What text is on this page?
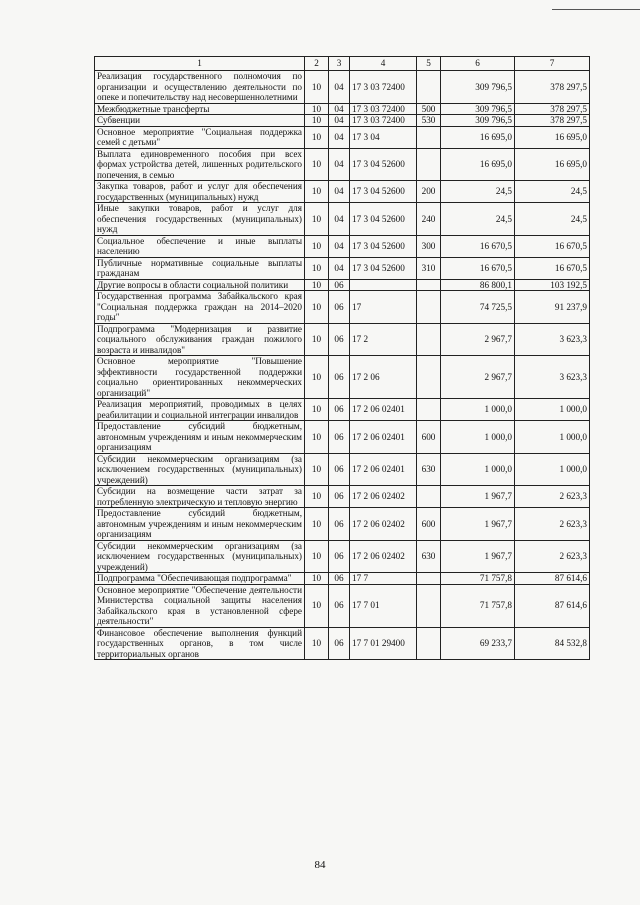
1	2	3	4	5	6	7
Реализация государственного полномочия по организации и осуществлению деятельности по опеке и попечительству над несовершеннолетними	10	04	17 3 03 72400		309 796,5	378 297,5
Межбюджетные трансферты	10	04	17 3 03 72400	500	309 796,5	378 297,5
Субвенции	10	04	17 3 03 72400	530	309 796,5	378 297,5
Основное мероприятие "Социальная поддержка семей с детьми"	10	04	17 3 04		16 695,0	16 695,0
Выплата единовременного пособия при всех формах устройства детей, лишенных родительского попечения, в семью	10	04	17 3 04 52600		16 695,0	16 695,0
Закупка товаров, работ и услуг для обеспечения государственных (муниципальных) нужд	10	04	17 3 04 52600	200	24,5	24,5
Иные закупки товаров, работ и услуг для обеспечения государственных (муниципальных) нужд	10	04	17 3 04 52600	240	24,5	24,5
Социальное обеспечение и иные выплаты населению	10	04	17 3 04 52600	300	16 670,5	16 670,5
Публичные нормативные социальные выплаты гражданам	10	04	17 3 04 52600	310	16 670,5	16 670,5
Другие вопросы в области социальной политики	10	06			86 800,1	103 192,5
Государственная программа Забайкальского края "Социальная поддержка граждан на 2014–2020 годы"	10	06	17		74 725,5	91 237,9
Подпрограмма "Модернизация и развитие социального обслуживания граждан пожилого возраста и инвалидов"	10	06	17 2		2 967,7	3 623,3
Основное мероприятие "Повышение эффективности государственной поддержки социально ориентированных некоммерческих организаций"	10	06	17 2 06		2 967,7	3 623,3
Реализация мероприятий, проводимых в целях реабилитации и социальной интеграции инвалидов	10	06	17 2 06 02401		1 000,0	1 000,0
Предоставление субсидий бюджетным, автономным учреждениям и иным некоммерческим организациям	10	06	17 2 06 02401	600	1 000,0	1 000,0
Субсидии некоммерческим организациям (за исключением государственных (муниципальных) учреждений)	10	06	17 2 06 02401	630	1 000,0	1 000,0
Субсидии на возмещение части затрат за потребленную электрическую и тепловую энергию	10	06	17 2 06 02402		1 967,7	2 623,3
Предоставление субсидий бюджетным, автономным учреждениям и иным некоммерческим организациям	10	06	17 2 06 02402	600	1 967,7	2 623,3
Субсидии некоммерческим организациям (за исключением государственных (муниципальных) учреждений)	10	06	17 2 06 02402	630	1 967,7	2 623,3
Подпрограмма "Обеспечивающая подпрограмма"	10	06	17 7		71 757,8	87 614,6
Основное мероприятие "Обеспечение деятельности Министерства социальной защиты населения Забайкальского края в установленной сфере деятельности"	10	06	17 7 01		71 757,8	87 614,6
Финансовое обеспечение выполнения функций государственных органов, в том числе территориальных органов	10	06	17 7 01 29400		69 233,7	84 532,8
84
